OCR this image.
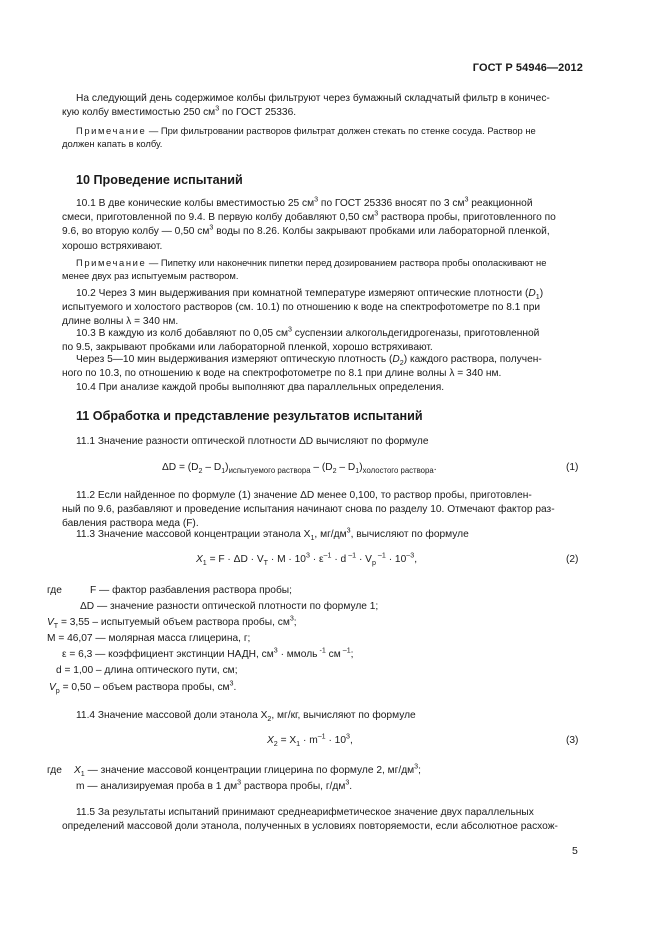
ГОСТ Р 54946—2012

На следующий день содержимое колбы фильтруют через бумажный складчатый фильтр в коничес-

кую колбу вместимостью 250 $см^3$ по ГОСТ 25336.

Примечание — При фильтровании растворов фильтрат должен стекать по стенке сосуда. Раствор не

должен капать в колбу.

10 Проведение испытаний

10.1 В две конические колбы вместимостью 25 $см^3$ по ГОСТ 25336 вносят по 3 $см^3$ реакционной

смеси, приготовленной по 9.4. В первую колбу добавляют 0,50 $см^3$ раствора пробы, приготовленного по

9.6, во вторую колбу — 0,50 $см^3$ воды по 8.26. Колбы закрывают пробками или лабораторной пленкой,

хорошо встряхивают.

Примечание — Пипетку или наконечник пипетки перед дозированием раствора пробы ополаскивают не

менее двух раз испытуемым раствором.

10.2 Через 3 мин выдерживания при комнатной температуре измеряют оптические плотности $(D_1)$

испытуемого и холостого растворов (см. 10.1) по отношению к воде на спектрофотометре по 8.1 при

длине волны λ = 340 нм.

10.3 В каждую из колб добавляют по 0,05 $см^3$ суспензии алкогольдегидрогеназы, приготовленной

по 9.5, закрывают пробками или лабораторной пленкой, хорошо встряхивают.

Через 5—10 мин выдерживания измеряют оптическую плотность $(D_2)$ каждого раствора, получен-

ного по 10.3, по отношению к воде на спектрофотометре по 8.1 при длине волны λ = 340 нм.

10.4 При анализе каждой пробы выполняют два параллельных определения.

11 Обработка и представление результатов испытаний

11.1 Значение разности оптической плотности ΔD вычисляют по формуле

$\Delta D = (D_2 - D_1)_{испытуемого раствора} - (D_2 - D_1)_{холостого раствора}$.	(1)

11.2 Если найденное по формуле (1) значение ΔD менее 0,100, то раствор пробы, приготовлен-

ный по 9.6, разбавляют и проведение испытания начинают снова по разделу 10. Отмечают фактор раз-

бавления раствора меда (F).

11.3 Значение массовой концентрации этанола $X_1$, $мг/дм^3$, вычисляют по формуле

$X_1 = F \cdot \Delta D \cdot V_T \cdot M \cdot 10^3 \cdot \varepsilon^{-1} \cdot d$ $^{-1} \cdot V_p$ $^{-1} \cdot 10^{-3}$,	(2)
где	F — фактор разбавления раствора пробы;
ΔD — значение разности оптической плотности по формуле 1;
$V_T = 3,55$ – испытуемый объем раствора пробы, $см^3$;
M = 46,07 — молярная масса глицерина, г;
ε = 6,3 — коэффициент экстинции НАДН, $см^3$ · ммоль $^{-1}$ см $^{-1}$;
d = 1,00 – длина оптического пути, см;
$V_p = 0,50$ – объем раствора пробы, $см^3$.

11.4 Значение массовой доли этанола $X_2$, мг/кг, вычисляют по формуле

$X_2 = X_1 \cdot m^{-1} \cdot 10^3$,	(3)
где $X_1$ — значение массовой концентрации глицерина по формуле 2, $мг/дм^3$;
m — анализируемая проба в 1 $дм^3$ раствора пробы, $г/дм^3$.

11.5 За результаты испытаний принимают среднеарифметическое значение двух параллельных

определений массовой доли этанола, полученных в условиях повторяемости, если абсолютное расхож-

5
